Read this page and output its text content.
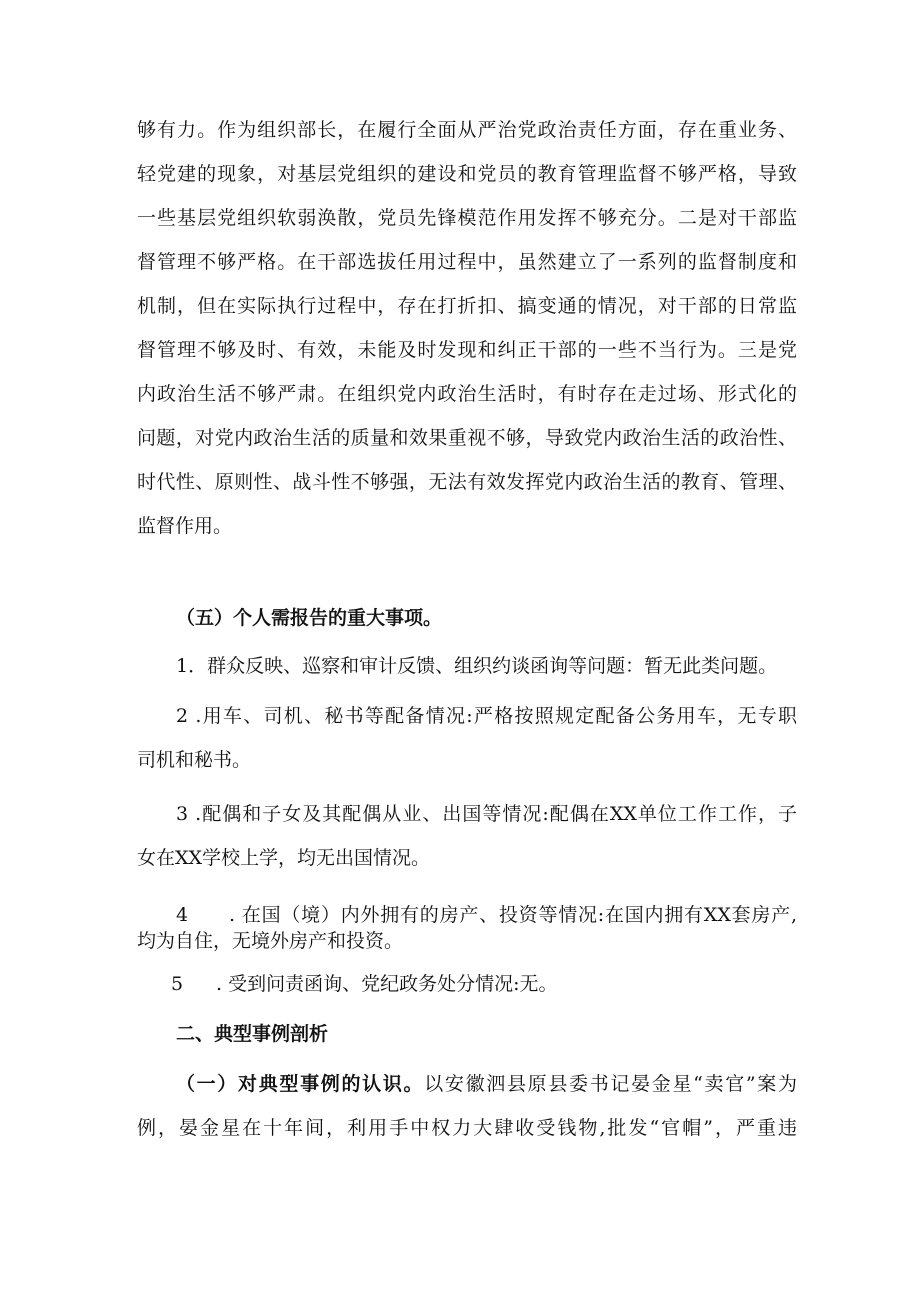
够有力。作为组织部长，在履行全面从严治党政治责任方面，存在重业务、
轻党建的现象，对基层党组织的建设和党员的教育管理监督不够严格，导致
一些基层党组织软弱涣散，党员先锋模范作用发挥不够充分。二是对干部监
督管理不够严格。在干部选拔任用过程中，虽然建立了一系列的监督制度和
机制，但在实际执行过程中，存在打折扣、搞变通的情况，对干部的日常监
督管理不够及时、有效，未能及时发现和纠正干部的一些不当行为。三是党
内政治生活不够严肃。在组织党内政治生活时，有时存在走过场、形式化的
问题，对党内政治生活的质量和效果重视不够，导致党内政治生活的政治性、
时代性、原则性、战斗性不够强，无法有效发挥党内政治生活的教育、管理、
监督作用。
（五）个人需报告的重大事项。
1．群众反映、巡察和审计反馈、组织约谈函询等问题：暂无此类问题。
2 .用车、司机、秘书等配备情况:严格按照规定配备公务用车，无专职
司机和秘书。
3 .配偶和子女及其配偶从业、出国等情况:配偶在XX单位工作工作，子
女在XX学校上学，均无出国情况。
4 . 在国（境）内外拥有的房产、投资等情况:在国内拥有XX套房产,
均为自住，无境外房产和投资。
5 . 受到问责函询、党纪政务处分情况:无。
二、典型事例剖析
（一）对典型事例的认识。以安徽泗县原县委书记晏金星“卖官”案为
例，晏金星在十年间，利用手中权力大肆收受钱物,批发“官帽”，严重违
